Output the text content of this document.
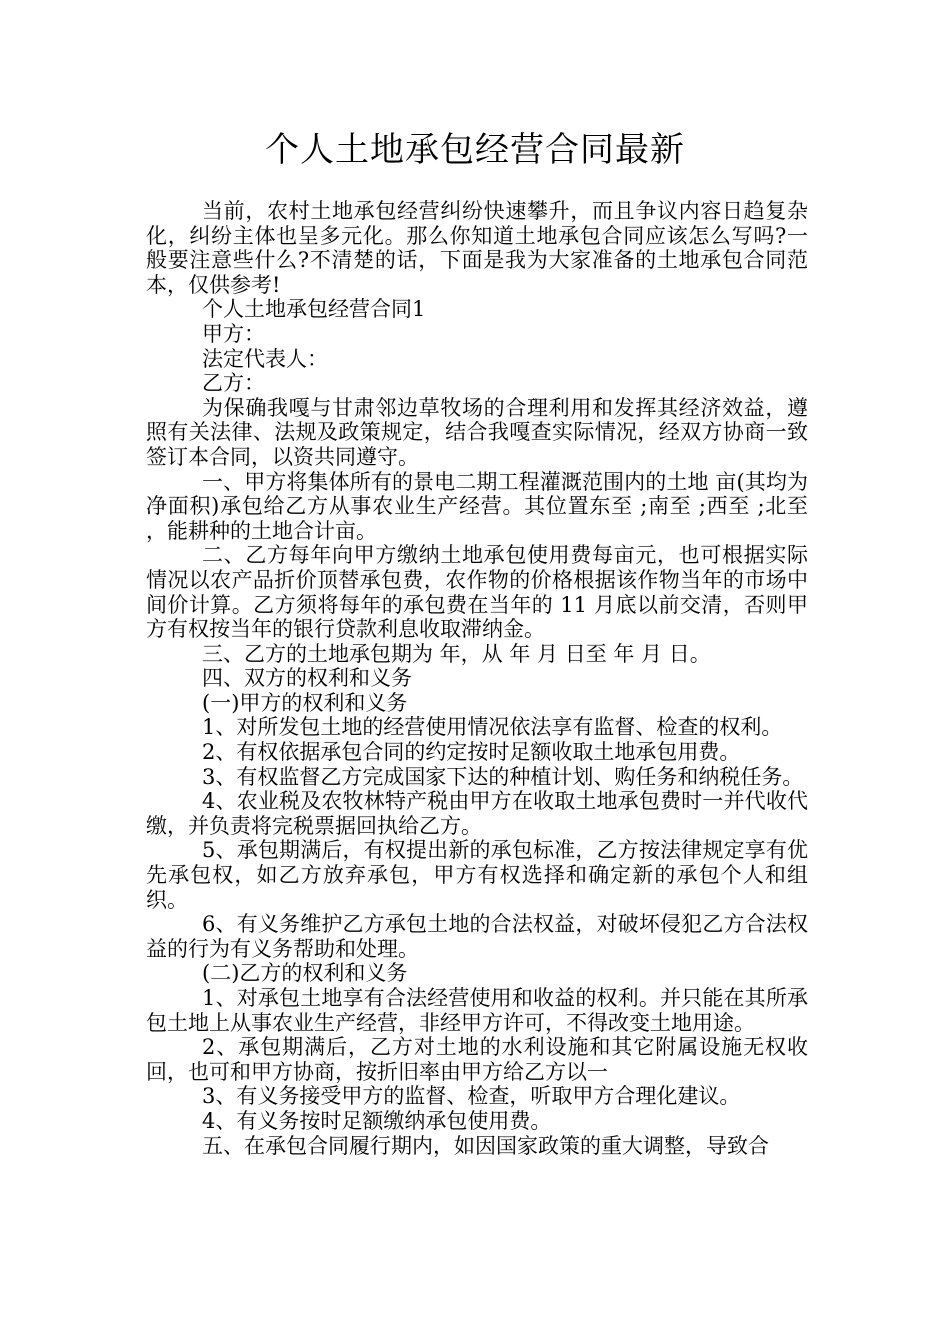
个人土地承包经营合同最新

当前，农村土地承包经营纠纷快速攀升，而且争议内容日趋复杂化，纠纷主体也呈多元化。那么你知道土地承包合同应该怎么写吗?一般要注意些什么?不清楚的话，下面是我为大家准备的土地承包合同范本，仅供参考!

个人土地承包经营合同1

甲方：

法定代表人：

乙方：

为保确我嘎与甘肃邻边草牧场的合理利用和发挥其经济效益，遵照有关法律、法规及政策规定，结合我嘎查实际情况，经双方协商一致签订本合同，以资共同遵守。

一、甲方将集体所有的景电二期工程灌溉范围内的土地 亩(其均为净面积)承包给乙方从事农业生产经营。其位置东至 ;南至 ;西至 ;北至 ，能耕种的土地合计亩。

二、乙方每年向甲方缴纳土地承包使用费每亩元，也可根据实际情况以农产品折价顶替承包费，农作物的价格根据该作物当年的市场中间价计算。乙方须将每年的承包费在当年的 11 月底以前交清，否则甲方有权按当年的银行贷款利息收取滞纳金。

三、乙方的土地承包期为 年，从 年 月 日至 年 月 日。

四、双方的权利和义务

(一)甲方的权利和义务

1、对所发包土地的经营使用情况依法享有监督、检查的权利。

2、有权依据承包合同的约定按时足额收取土地承包用费。

3、有权监督乙方完成国家下达的种植计划、购任务和纳税任务。

4、农业税及农牧林特产税由甲方在收取土地承包费时一并代收代缴，并负责将完税票据回执给乙方。

5、承包期满后，有权提出新的承包标准，乙方按法律规定享有优先承包权，如乙方放弃承包，甲方有权选择和确定新的承包个人和组织。

6、有义务维护乙方承包土地的合法权益，对破坏侵犯乙方合法权益的行为有义务帮助和处理。

(二)乙方的权利和义务

1、对承包土地享有合法经营使用和收益的权利。并只能在其所承包土地上从事农业生产经营，非经甲方许可，不得改变土地用途。

2、承包期满后，乙方对土地的水利设施和其它附属设施无权收回，也可和甲方协商，按折旧率由甲方给乙方以一

3、有义务接受甲方的监督、检查，听取甲方合理化建议。

4、有义务按时足额缴纳承包使用费。

五、在承包合同履行期内，如因国家政策的重大调整，导致合
